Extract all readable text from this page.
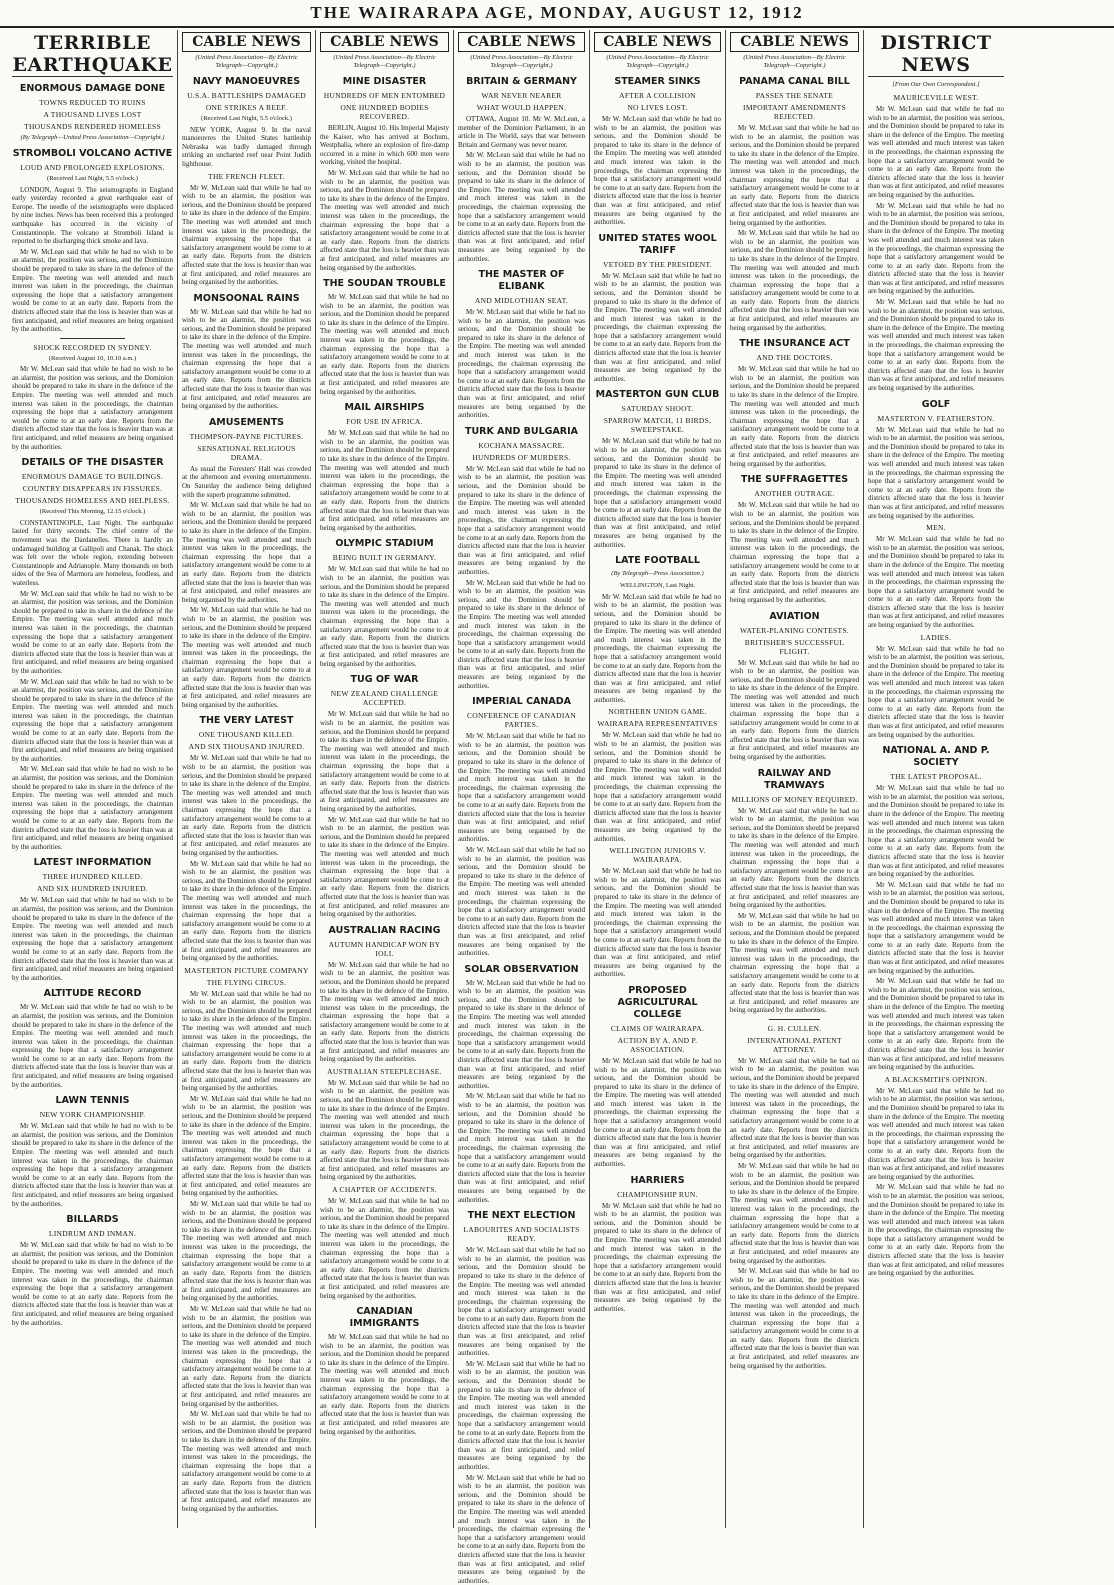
THE WAIRARAPA AGE, MONDAY, AUGUST 12, 1912
TERRIBLE EARTHQUAKE
ENORMOUS DAMAGE DONE
TOWNS REDUCED TO RUINS
A THOUSAND LIVES LOST
THOUSANDS RENDERED HOMELESS
(By Telegraph—United Press Association—Copyright.)
STROMBOLI VOLCANO ACTIVE
LOUD AND PROLONGED EXPLOSIONS.
(Received Last Night, 5.5 o'clock.)

LONDON, August 9. The seismographs in England early yesterday recorded a great earthquake east of Europe. The needle of the seismographs were displaced by nine inches. News has been received this a prolonged earthquake has occurred in the vicinity of Constantinople. The volcano at Stromboli Island is reported to be discharging thick smoke and lava.

Mr W. McLean said that while he had no wish to be an alarmist, the position was serious, and the Dominion should be prepared to take its share in the defence of the Empire. The meeting was well attended and much interest was taken in the proceedings, the chairman expressing the hope that a satisfactory arrangement would be come to at an early date. Reports from the districts affected state that the loss is heavier than was at first anticipated, and relief measures are being organised by the authorities.

SHOCK RECORDED IN SYDNEY.
(Received August 10, 10.10 a.m.)

Mr W. McLean said that while he had no wish to be an alarmist, the position was serious, and the Dominion should be prepared to take its share in the defence of the Empire. The meeting was well attended and much interest was taken in the proceedings, the chairman expressing the hope that a satisfactory arrangement would be come to at an early date. Reports from the districts affected state that the loss is heavier than was at first anticipated, and relief measures are being organised by the authorities.

DETAILS OF THE DISASTER
ENORMOUS DAMAGE TO BUILDINGS.
COUNTRY DISAPPEARS IN FISSURES.
THOUSANDS HOMELESS AND HELPLESS.
(Received This Morning, 12.15 o'clock.)

CONSTANTINOPLE, Last Night. The earthquake lasted for thirty seconds. The chief centre of the movement was the Dardanelles. There is hardly an undamaged building at Gallipoli and Chanak. The shock was felt over the whole region, extending between Constantinople and Adrianople. Many thousands on both sides of the Sea of Marmora are homeless, foodless, and waterless.

Mr W. McLean said that while he had no wish to be an alarmist, the position was serious, and the Dominion should be prepared to take its share in the defence of the Empire. The meeting was well attended and much interest was taken in the proceedings, the chairman expressing the hope that a satisfactory arrangement would be come to at an early date. Reports from the districts affected state that the loss is heavier than was at first anticipated, and relief measures are being organised by the authorities.

Mr W. McLean said that while he had no wish to be an alarmist, the position was serious, and the Dominion should be prepared to take its share in the defence of the Empire. The meeting was well attended and much interest was taken in the proceedings, the chairman expressing the hope that a satisfactory arrangement would be come to at an early date. Reports from the districts affected state that the loss is heavier than was at first anticipated, and relief measures are being organised by the authorities.

Mr W. McLean said that while he had no wish to be an alarmist, the position was serious, and the Dominion should be prepared to take its share in the defence of the Empire. The meeting was well attended and much interest was taken in the proceedings, the chairman expressing the hope that a satisfactory arrangement would be come to at an early date. Reports from the districts affected state that the loss is heavier than was at first anticipated, and relief measures are being organised by the authorities.

LATEST INFORMATION
THREE HUNDRED KILLED.
AND SIX HUNDRED INJURED.

Mr W. McLean said that while he had no wish to be an alarmist, the position was serious, and the Dominion should be prepared to take its share in the defence of the Empire. The meeting was well attended and much interest was taken in the proceedings, the chairman expressing the hope that a satisfactory arrangement would be come to at an early date. Reports from the districts affected state that the loss is heavier than was at first anticipated, and relief measures are being organised by the authorities.

ALTITUDE RECORD

Mr W. McLean said that while he had no wish to be an alarmist, the position was serious, and the Dominion should be prepared to take its share in the defence of the Empire. The meeting was well attended and much interest was taken in the proceedings, the chairman expressing the hope that a satisfactory arrangement would be come to at an early date. Reports from the districts affected state that the loss is heavier than was at first anticipated, and relief measures are being organised by the authorities.

LAWN TENNIS
NEW YORK CHAMPIONSHIP.

Mr W. McLean said that while he had no wish to be an alarmist, the position was serious, and the Dominion should be prepared to take its share in the defence of the Empire. The meeting was well attended and much interest was taken in the proceedings, the chairman expressing the hope that a satisfactory arrangement would be come to at an early date. Reports from the districts affected state that the loss is heavier than was at first anticipated, and relief measures are being organised by the authorities.

BILLARDS
LINDRUM AND INMAN.

Mr W. McLean said that while he had no wish to be an alarmist, the position was serious, and the Dominion should be prepared to take its share in the defence of the Empire. The meeting was well attended and much interest was taken in the proceedings, the chairman expressing the hope that a satisfactory arrangement would be come to at an early date. Reports from the districts affected state that the loss is heavier than was at first anticipated, and relief measures are being organised by the authorities.

CABLE NEWS
(United Press Association—By Electric Telegraph—Copyright.)
NAVY MANOEUVRES
U.S.A. BATTLESHIPS DAMAGED
ONE STRIKES A REEF.
(Received Last Night, 5.5 o'clock.)

NEW YORK, August 9. In the naval manoeuvres the United States battleship Nebraska was badly damaged through striking an uncharted reef near Point Judith lighthouse.

THE FRENCH FLEET.

Mr W. McLean said that while he had no wish to be an alarmist, the position was serious, and the Dominion should be prepared to take its share in the defence of the Empire. The meeting was well attended and much interest was taken in the proceedings, the chairman expressing the hope that a satisfactory arrangement would be come to at an early date. Reports from the districts affected state that the loss is heavier than was at first anticipated, and relief measures are being organised by the authorities.

MONSOONAL RAINS

Mr W. McLean said that while he had no wish to be an alarmist, the position was serious, and the Dominion should be prepared to take its share in the defence of the Empire. The meeting was well attended and much interest was taken in the proceedings, the chairman expressing the hope that a satisfactory arrangement would be come to at an early date. Reports from the districts affected state that the loss is heavier than was at first anticipated, and relief measures are being organised by the authorities.

AMUSEMENTS
THOMPSON-PAYNE PICTURES.
SENSATIONAL RELIGIOUS DRAMA.

As usual the Foresters' Hall was crowded at the afternoon and evening entertainments. On Saturday the audience being delighted with the superb programme submitted.

Mr W. McLean said that while he had no wish to be an alarmist, the position was serious, and the Dominion should be prepared to take its share in the defence of the Empire. The meeting was well attended and much interest was taken in the proceedings, the chairman expressing the hope that a satisfactory arrangement would be come to at an early date. Reports from the districts affected state that the loss is heavier than was at first anticipated, and relief measures are being organised by the authorities.

Mr W. McLean said that while he had no wish to be an alarmist, the position was serious, and the Dominion should be prepared to take its share in the defence of the Empire. The meeting was well attended and much interest was taken in the proceedings, the chairman expressing the hope that a satisfactory arrangement would be come to at an early date. Reports from the districts affected state that the loss is heavier than was at first anticipated, and relief measures are being organised by the authorities.

THE VERY LATEST
ONE THOUSAND KILLED.
AND SIX THOUSAND INJURED.

Mr W. McLean said that while he had no wish to be an alarmist, the position was serious, and the Dominion should be prepared to take its share in the defence of the Empire. The meeting was well attended and much interest was taken in the proceedings, the chairman expressing the hope that a satisfactory arrangement would be come to at an early date. Reports from the districts affected state that the loss is heavier than was at first anticipated, and relief measures are being organised by the authorities.

Mr W. McLean said that while he had no wish to be an alarmist, the position was serious, and the Dominion should be prepared to take its share in the defence of the Empire. The meeting was well attended and much interest was taken in the proceedings, the chairman expressing the hope that a satisfactory arrangement would be come to at an early date. Reports from the districts affected state that the loss is heavier than was at first anticipated, and relief measures are being organised by the authorities.

MASTERTON PICTURE COMPANY
THE FLYING CIRCUS.

Mr W. McLean said that while he had no wish to be an alarmist, the position was serious, and the Dominion should be prepared to take its share in the defence of the Empire. The meeting was well attended and much interest was taken in the proceedings, the chairman expressing the hope that a satisfactory arrangement would be come to at an early date. Reports from the districts affected state that the loss is heavier than was at first anticipated, and relief measures are being organised by the authorities.

Mr W. McLean said that while he had no wish to be an alarmist, the position was serious, and the Dominion should be prepared to take its share in the defence of the Empire. The meeting was well attended and much interest was taken in the proceedings, the chairman expressing the hope that a satisfactory arrangement would be come to at an early date. Reports from the districts affected state that the loss is heavier than was at first anticipated, and relief measures are being organised by the authorities.

Mr W. McLean said that while he had no wish to be an alarmist, the position was serious, and the Dominion should be prepared to take its share in the defence of the Empire. The meeting was well attended and much interest was taken in the proceedings, the chairman expressing the hope that a satisfactory arrangement would be come to at an early date. Reports from the districts affected state that the loss is heavier than was at first anticipated, and relief measures are being organised by the authorities.

Mr W. McLean said that while he had no wish to be an alarmist, the position was serious, and the Dominion should be prepared to take its share in the defence of the Empire. The meeting was well attended and much interest was taken in the proceedings, the chairman expressing the hope that a satisfactory arrangement would be come to at an early date. Reports from the districts affected state that the loss is heavier than was at first anticipated, and relief measures are being organised by the authorities.

Mr W. McLean said that while he had no wish to be an alarmist, the position was serious, and the Dominion should be prepared to take its share in the defence of the Empire. The meeting was well attended and much interest was taken in the proceedings, the chairman expressing the hope that a satisfactory arrangement would be come to at an early date. Reports from the districts affected state that the loss is heavier than was at first anticipated, and relief measures are being organised by the authorities.

CABLE NEWS
(United Press Association—By Electric Telegraph—Copyright.)
MINE DISASTER
HUNDREDS OF MEN ENTOMBED
ONE HUNDRED BODIES RECOVERED.

BERLIN, August 10. His Imperial Majesty the Kaiser, who has arrived at Bochum, Westphalia, where an explosion of fire-damp occurred in a mine in which 600 men were working, visited the hospital.

Mr W. McLean said that while he had no wish to be an alarmist, the position was serious, and the Dominion should be prepared to take its share in the defence of the Empire. The meeting was well attended and much interest was taken in the proceedings, the chairman expressing the hope that a satisfactory arrangement would be come to at an early date. Reports from the districts affected state that the loss is heavier than was at first anticipated, and relief measures are being organised by the authorities.

THE SOUDAN TROUBLE

Mr W. McLean said that while he had no wish to be an alarmist, the position was serious, and the Dominion should be prepared to take its share in the defence of the Empire. The meeting was well attended and much interest was taken in the proceedings, the chairman expressing the hope that a satisfactory arrangement would be come to at an early date. Reports from the districts affected state that the loss is heavier than was at first anticipated, and relief measures are being organised by the authorities.

MAIL AIRSHIPS
FOR USE IN AFRICA.

Mr W. McLean said that while he had no wish to be an alarmist, the position was serious, and the Dominion should be prepared to take its share in the defence of the Empire. The meeting was well attended and much interest was taken in the proceedings, the chairman expressing the hope that a satisfactory arrangement would be come to at an early date. Reports from the districts affected state that the loss is heavier than was at first anticipated, and relief measures are being organised by the authorities.

OLYMPIC STADIUM
BEING BUILT IN GERMANY.

Mr W. McLean said that while he had no wish to be an alarmist, the position was serious, and the Dominion should be prepared to take its share in the defence of the Empire. The meeting was well attended and much interest was taken in the proceedings, the chairman expressing the hope that a satisfactory arrangement would be come to at an early date. Reports from the districts affected state that the loss is heavier than was at first anticipated, and relief measures are being organised by the authorities.

TUG OF WAR
NEW ZEALAND CHALLENGE ACCEPTED.

Mr W. McLean said that while he had no wish to be an alarmist, the position was serious, and the Dominion should be prepared to take its share in the defence of the Empire. The meeting was well attended and much interest was taken in the proceedings, the chairman expressing the hope that a satisfactory arrangement would be come to at an early date. Reports from the districts affected state that the loss is heavier than was at first anticipated, and relief measures are being organised by the authorities.

Mr W. McLean said that while he had no wish to be an alarmist, the position was serious, and the Dominion should be prepared to take its share in the defence of the Empire. The meeting was well attended and much interest was taken in the proceedings, the chairman expressing the hope that a satisfactory arrangement would be come to at an early date. Reports from the districts affected state that the loss is heavier than was at first anticipated, and relief measures are being organised by the authorities.

AUSTRALIAN RACING
AUTUMN HANDICAP WON BY IOLI.

Mr W. McLean said that while he had no wish to be an alarmist, the position was serious, and the Dominion should be prepared to take its share in the defence of the Empire. The meeting was well attended and much interest was taken in the proceedings, the chairman expressing the hope that a satisfactory arrangement would be come to at an early date. Reports from the districts affected state that the loss is heavier than was at first anticipated, and relief measures are being organised by the authorities.

AUSTRALIAN STEEPLECHASE.

Mr W. McLean said that while he had no wish to be an alarmist, the position was serious, and the Dominion should be prepared to take its share in the defence of the Empire. The meeting was well attended and much interest was taken in the proceedings, the chairman expressing the hope that a satisfactory arrangement would be come to at an early date. Reports from the districts affected state that the loss is heavier than was at first anticipated, and relief measures are being organised by the authorities.

A CHAPTER OF ACCIDENTS.

Mr W. McLean said that while he had no wish to be an alarmist, the position was serious, and the Dominion should be prepared to take its share in the defence of the Empire. The meeting was well attended and much interest was taken in the proceedings, the chairman expressing the hope that a satisfactory arrangement would be come to at an early date. Reports from the districts affected state that the loss is heavier than was at first anticipated, and relief measures are being organised by the authorities.

CANADIAN IMMIGRANTS

Mr W. McLean said that while he had no wish to be an alarmist, the position was serious, and the Dominion should be prepared to take its share in the defence of the Empire. The meeting was well attended and much interest was taken in the proceedings, the chairman expressing the hope that a satisfactory arrangement would be come to at an early date. Reports from the districts affected state that the loss is heavier than was at first anticipated, and relief measures are being organised by the authorities.

CABLE NEWS
(United Press Association—By Electric Telegraph—Copyright.)
BRITAIN & GERMANY
WAR NEVER NEARER
WHAT WOULD HAPPEN.

OTTAWA, August 10. Mr W. McLean, a member of the Dominion Parliament, in an article in The World, says that war between Britain and Germany was never nearer.

Mr W. McLean said that while he had no wish to be an alarmist, the position was serious, and the Dominion should be prepared to take its share in the defence of the Empire. The meeting was well attended and much interest was taken in the proceedings, the chairman expressing the hope that a satisfactory arrangement would be come to at an early date. Reports from the districts affected state that the loss is heavier than was at first anticipated, and relief measures are being organised by the authorities.

THE MASTER OF ELIBANK
AND MIDLOTHIAN SEAT.

Mr W. McLean said that while he had no wish to be an alarmist, the position was serious, and the Dominion should be prepared to take its share in the defence of the Empire. The meeting was well attended and much interest was taken in the proceedings, the chairman expressing the hope that a satisfactory arrangement would be come to at an early date. Reports from the districts affected state that the loss is heavier than was at first anticipated, and relief measures are being organised by the authorities.

TURK AND BULGARIA
KOCHANA MASSACRE.
HUNDREDS OF MURDERS.

Mr W. McLean said that while he had no wish to be an alarmist, the position was serious, and the Dominion should be prepared to take its share in the defence of the Empire. The meeting was well attended and much interest was taken in the proceedings, the chairman expressing the hope that a satisfactory arrangement would be come to at an early date. Reports from the districts affected state that the loss is heavier than was at first anticipated, and relief measures are being organised by the authorities.

Mr W. McLean said that while he had no wish to be an alarmist, the position was serious, and the Dominion should be prepared to take its share in the defence of the Empire. The meeting was well attended and much interest was taken in the proceedings, the chairman expressing the hope that a satisfactory arrangement would be come to at an early date. Reports from the districts affected state that the loss is heavier than was at first anticipated, and relief measures are being organised by the authorities.

IMPERIAL CANADA
CONFERENCE OF CANADIAN PARTIES.

Mr W. McLean said that while he had no wish to be an alarmist, the position was serious, and the Dominion should be prepared to take its share in the defence of the Empire. The meeting was well attended and much interest was taken in the proceedings, the chairman expressing the hope that a satisfactory arrangement would be come to at an early date. Reports from the districts affected state that the loss is heavier than was at first anticipated, and relief measures are being organised by the authorities.

Mr W. McLean said that while he had no wish to be an alarmist, the position was serious, and the Dominion should be prepared to take its share in the defence of the Empire. The meeting was well attended and much interest was taken in the proceedings, the chairman expressing the hope that a satisfactory arrangement would be come to at an early date. Reports from the districts affected state that the loss is heavier than was at first anticipated, and relief measures are being organised by the authorities.

SOLAR OBSERVATION

Mr W. McLean said that while he had no wish to be an alarmist, the position was serious, and the Dominion should be prepared to take its share in the defence of the Empire. The meeting was well attended and much interest was taken in the proceedings, the chairman expressing the hope that a satisfactory arrangement would be come to at an early date. Reports from the districts affected state that the loss is heavier than was at first anticipated, and relief measures are being organised by the authorities.

Mr W. McLean said that while he had no wish to be an alarmist, the position was serious, and the Dominion should be prepared to take its share in the defence of the Empire. The meeting was well attended and much interest was taken in the proceedings, the chairman expressing the hope that a satisfactory arrangement would be come to at an early date. Reports from the districts affected state that the loss is heavier than was at first anticipated, and relief measures are being organised by the authorities.

THE NEXT ELECTION
LABOURITES AND SOCIALISTS READY.

Mr W. McLean said that while he had no wish to be an alarmist, the position was serious, and the Dominion should be prepared to take its share in the defence of the Empire. The meeting was well attended and much interest was taken in the proceedings, the chairman expressing the hope that a satisfactory arrangement would be come to at an early date. Reports from the districts affected state that the loss is heavier than was at first anticipated, and relief measures are being organised by the authorities.

Mr W. McLean said that while he had no wish to be an alarmist, the position was serious, and the Dominion should be prepared to take its share in the defence of the Empire. The meeting was well attended and much interest was taken in the proceedings, the chairman expressing the hope that a satisfactory arrangement would be come to at an early date. Reports from the districts affected state that the loss is heavier than was at first anticipated, and relief measures are being organised by the authorities.

Mr W. McLean said that while he had no wish to be an alarmist, the position was serious, and the Dominion should be prepared to take its share in the defence of the Empire. The meeting was well attended and much interest was taken in the proceedings, the chairman expressing the hope that a satisfactory arrangement would be come to at an early date. Reports from the districts affected state that the loss is heavier than was at first anticipated, and relief measures are being organised by the authorities.

CABLE NEWS
(United Press Association—By Electric Telegraph—Copyright.)
STEAMER SINKS
AFTER A COLLISION
NO LIVES LOST.

Mr W. McLean said that while he had no wish to be an alarmist, the position was serious, and the Dominion should be prepared to take its share in the defence of the Empire. The meeting was well attended and much interest was taken in the proceedings, the chairman expressing the hope that a satisfactory arrangement would be come to at an early date. Reports from the districts affected state that the loss is heavier than was at first anticipated, and relief measures are being organised by the authorities.

UNITED STATES WOOL TARIFF
VETOED BY THE PRESIDENT.

Mr W. McLean said that while he had no wish to be an alarmist, the position was serious, and the Dominion should be prepared to take its share in the defence of the Empire. The meeting was well attended and much interest was taken in the proceedings, the chairman expressing the hope that a satisfactory arrangement would be come to at an early date. Reports from the districts affected state that the loss is heavier than was at first anticipated, and relief measures are being organised by the authorities.

MASTERTON GUN CLUB
SATURDAY SHOOT.
SPARROW MATCH, 11 BIRDS, SWEEPSTAKE.

Mr W. McLean said that while he had no wish to be an alarmist, the position was serious, and the Dominion should be prepared to take its share in the defence of the Empire. The meeting was well attended and much interest was taken in the proceedings, the chairman expressing the hope that a satisfactory arrangement would be come to at an early date. Reports from the districts affected state that the loss is heavier than was at first anticipated, and relief measures are being organised by the authorities.

LATE FOOTBALL
(By Telegraph—Press Association.)
WELLINGTON, Last Night.

Mr W. McLean said that while he had no wish to be an alarmist, the position was serious, and the Dominion should be prepared to take its share in the defence of the Empire. The meeting was well attended and much interest was taken in the proceedings, the chairman expressing the hope that a satisfactory arrangement would be come to at an early date. Reports from the districts affected state that the loss is heavier than was at first anticipated, and relief measures are being organised by the authorities.

NORTHERN UNION GAME.
WAIRARAPA REPRESENTATIVES

Mr W. McLean said that while he had no wish to be an alarmist, the position was serious, and the Dominion should be prepared to take its share in the defence of the Empire. The meeting was well attended and much interest was taken in the proceedings, the chairman expressing the hope that a satisfactory arrangement would be come to at an early date. Reports from the districts affected state that the loss is heavier than was at first anticipated, and relief measures are being organised by the authorities.

WELLINGTON JUNIORS V. WAIRARAPA.

Mr W. McLean said that while he had no wish to be an alarmist, the position was serious, and the Dominion should be prepared to take its share in the defence of the Empire. The meeting was well attended and much interest was taken in the proceedings, the chairman expressing the hope that a satisfactory arrangement would be come to at an early date. Reports from the districts affected state that the loss is heavier than was at first anticipated, and relief measures are being organised by the authorities.

PROPOSED AGRICULTURAL COLLEGE
CLAIMS OF WAIRARAPA.
ACTION BY A. AND P. ASSOCIATION.

Mr W. McLean said that while he had no wish to be an alarmist, the position was serious, and the Dominion should be prepared to take its share in the defence of the Empire. The meeting was well attended and much interest was taken in the proceedings, the chairman expressing the hope that a satisfactory arrangement would be come to at an early date. Reports from the districts affected state that the loss is heavier than was at first anticipated, and relief measures are being organised by the authorities.

HARRIERS
CHAMPIONSHIP RUN.

Mr W. McLean said that while he had no wish to be an alarmist, the position was serious, and the Dominion should be prepared to take its share in the defence of the Empire. The meeting was well attended and much interest was taken in the proceedings, the chairman expressing the hope that a satisfactory arrangement would be come to at an early date. Reports from the districts affected state that the loss is heavier than was at first anticipated, and relief measures are being organised by the authorities.

CABLE NEWS
(United Press Association—By Electric Telegraph—Copyright.)
PANAMA CANAL BILL
PASSES THE SENATE
IMPORTANT AMENDMENTS REJECTED.

Mr W. McLean said that while he had no wish to be an alarmist, the position was serious, and the Dominion should be prepared to take its share in the defence of the Empire. The meeting was well attended and much interest was taken in the proceedings, the chairman expressing the hope that a satisfactory arrangement would be come to at an early date. Reports from the districts affected state that the loss is heavier than was at first anticipated, and relief measures are being organised by the authorities.

Mr W. McLean said that while he had no wish to be an alarmist, the position was serious, and the Dominion should be prepared to take its share in the defence of the Empire. The meeting was well attended and much interest was taken in the proceedings, the chairman expressing the hope that a satisfactory arrangement would be come to at an early date. Reports from the districts affected state that the loss is heavier than was at first anticipated, and relief measures are being organised by the authorities.

THE INSURANCE ACT
AND THE DOCTORS.

Mr W. McLean said that while he had no wish to be an alarmist, the position was serious, and the Dominion should be prepared to take its share in the defence of the Empire. The meeting was well attended and much interest was taken in the proceedings, the chairman expressing the hope that a satisfactory arrangement would be come to at an early date. Reports from the districts affected state that the loss is heavier than was at first anticipated, and relief measures are being organised by the authorities.

THE SUFFRAGETTES
ANOTHER OUTRAGE.

Mr W. McLean said that while he had no wish to be an alarmist, the position was serious, and the Dominion should be prepared to take its share in the defence of the Empire. The meeting was well attended and much interest was taken in the proceedings, the chairman expressing the hope that a satisfactory arrangement would be come to at an early date. Reports from the districts affected state that the loss is heavier than was at first anticipated, and relief measures are being organised by the authorities.

AVIATION
WATER-PLANING CONTESTS.
BRITISHER'S SUCCESSFUL FLIGHT.

Mr W. McLean said that while he had no wish to be an alarmist, the position was serious, and the Dominion should be prepared to take its share in the defence of the Empire. The meeting was well attended and much interest was taken in the proceedings, the chairman expressing the hope that a satisfactory arrangement would be come to at an early date. Reports from the districts affected state that the loss is heavier than was at first anticipated, and relief measures are being organised by the authorities.

RAILWAY AND TRAMWAYS
MILLIONS OF MONEY REQUIRED.

Mr W. McLean said that while he had no wish to be an alarmist, the position was serious, and the Dominion should be prepared to take its share in the defence of the Empire. The meeting was well attended and much interest was taken in the proceedings, the chairman expressing the hope that a satisfactory arrangement would be come to at an early date. Reports from the districts affected state that the loss is heavier than was at first anticipated, and relief measures are being organised by the authorities.

Mr W. McLean said that while he had no wish to be an alarmist, the position was serious, and the Dominion should be prepared to take its share in the defence of the Empire. The meeting was well attended and much interest was taken in the proceedings, the chairman expressing the hope that a satisfactory arrangement would be come to at an early date. Reports from the districts affected state that the loss is heavier than was at first anticipated, and relief measures are being organised by the authorities.

G. H. CULLEN.
INTERNATIONAL PATENT ATTORNEY.

Mr W. McLean said that while he had no wish to be an alarmist, the position was serious, and the Dominion should be prepared to take its share in the defence of the Empire. The meeting was well attended and much interest was taken in the proceedings, the chairman expressing the hope that a satisfactory arrangement would be come to at an early date. Reports from the districts affected state that the loss is heavier than was at first anticipated, and relief measures are being organised by the authorities.

Mr W. McLean said that while he had no wish to be an alarmist, the position was serious, and the Dominion should be prepared to take its share in the defence of the Empire. The meeting was well attended and much interest was taken in the proceedings, the chairman expressing the hope that a satisfactory arrangement would be come to at an early date. Reports from the districts affected state that the loss is heavier than was at first anticipated, and relief measures are being organised by the authorities.

Mr W. McLean said that while he had no wish to be an alarmist, the position was serious, and the Dominion should be prepared to take its share in the defence of the Empire. The meeting was well attended and much interest was taken in the proceedings, the chairman expressing the hope that a satisfactory arrangement would be come to at an early date. Reports from the districts affected state that the loss is heavier than was at first anticipated, and relief measures are being organised by the authorities.

DISTRICT NEWS
[From Our Own Correspondent.]
MAURICEVILLE WEST.

Mr W. McLean said that while he had no wish to be an alarmist, the position was serious, and the Dominion should be prepared to take its share in the defence of the Empire. The meeting was well attended and much interest was taken in the proceedings, the chairman expressing the hope that a satisfactory arrangement would be come to at an early date. Reports from the districts affected state that the loss is heavier than was at first anticipated, and relief measures are being organised by the authorities.

Mr W. McLean said that while he had no wish to be an alarmist, the position was serious, and the Dominion should be prepared to take its share in the defence of the Empire. The meeting was well attended and much interest was taken in the proceedings, the chairman expressing the hope that a satisfactory arrangement would be come to at an early date. Reports from the districts affected state that the loss is heavier than was at first anticipated, and relief measures are being organised by the authorities.

Mr W. McLean said that while he had no wish to be an alarmist, the position was serious, and the Dominion should be prepared to take its share in the defence of the Empire. The meeting was well attended and much interest was taken in the proceedings, the chairman expressing the hope that a satisfactory arrangement would be come to at an early date. Reports from the districts affected state that the loss is heavier than was at first anticipated, and relief measures are being organised by the authorities.

GOLF
MASTERTON V. FEATHERSTON.

Mr W. McLean said that while he had no wish to be an alarmist, the position was serious, and the Dominion should be prepared to take its share in the defence of the Empire. The meeting was well attended and much interest was taken in the proceedings, the chairman expressing the hope that a satisfactory arrangement would be come to at an early date. Reports from the districts affected state that the loss is heavier than was at first anticipated, and relief measures are being organised by the authorities.

MEN.

Mr W. McLean said that while he had no wish to be an alarmist, the position was serious, and the Dominion should be prepared to take its share in the defence of the Empire. The meeting was well attended and much interest was taken in the proceedings, the chairman expressing the hope that a satisfactory arrangement would be come to at an early date. Reports from the districts affected state that the loss is heavier than was at first anticipated, and relief measures are being organised by the authorities.

LADIES.

Mr W. McLean said that while he had no wish to be an alarmist, the position was serious, and the Dominion should be prepared to take its share in the defence of the Empire. The meeting was well attended and much interest was taken in the proceedings, the chairman expressing the hope that a satisfactory arrangement would be come to at an early date. Reports from the districts affected state that the loss is heavier than was at first anticipated, and relief measures are being organised by the authorities.

NATIONAL A. AND P. SOCIETY
THE LATEST PROPOSAL.

Mr W. McLean said that while he had no wish to be an alarmist, the position was serious, and the Dominion should be prepared to take its share in the defence of the Empire. The meeting was well attended and much interest was taken in the proceedings, the chairman expressing the hope that a satisfactory arrangement would be come to at an early date. Reports from the districts affected state that the loss is heavier than was at first anticipated, and relief measures are being organised by the authorities.

Mr W. McLean said that while he had no wish to be an alarmist, the position was serious, and the Dominion should be prepared to take its share in the defence of the Empire. The meeting was well attended and much interest was taken in the proceedings, the chairman expressing the hope that a satisfactory arrangement would be come to at an early date. Reports from the districts affected state that the loss is heavier than was at first anticipated, and relief measures are being organised by the authorities.

Mr W. McLean said that while he had no wish to be an alarmist, the position was serious, and the Dominion should be prepared to take its share in the defence of the Empire. The meeting was well attended and much interest was taken in the proceedings, the chairman expressing the hope that a satisfactory arrangement would be come to at an early date. Reports from the districts affected state that the loss is heavier than was at first anticipated, and relief measures are being organised by the authorities.

A BLACKSMITH'S OPINION.

Mr W. McLean said that while he had no wish to be an alarmist, the position was serious, and the Dominion should be prepared to take its share in the defence of the Empire. The meeting was well attended and much interest was taken in the proceedings, the chairman expressing the hope that a satisfactory arrangement would be come to at an early date. Reports from the districts affected state that the loss is heavier than was at first anticipated, and relief measures are being organised by the authorities.

Mr W. McLean said that while he had no wish to be an alarmist, the position was serious, and the Dominion should be prepared to take its share in the defence of the Empire. The meeting was well attended and much interest was taken in the proceedings, the chairman expressing the hope that a satisfactory arrangement would be come to at an early date. Reports from the districts affected state that the loss is heavier than was at first anticipated, and relief measures are being organised by the authorities.
